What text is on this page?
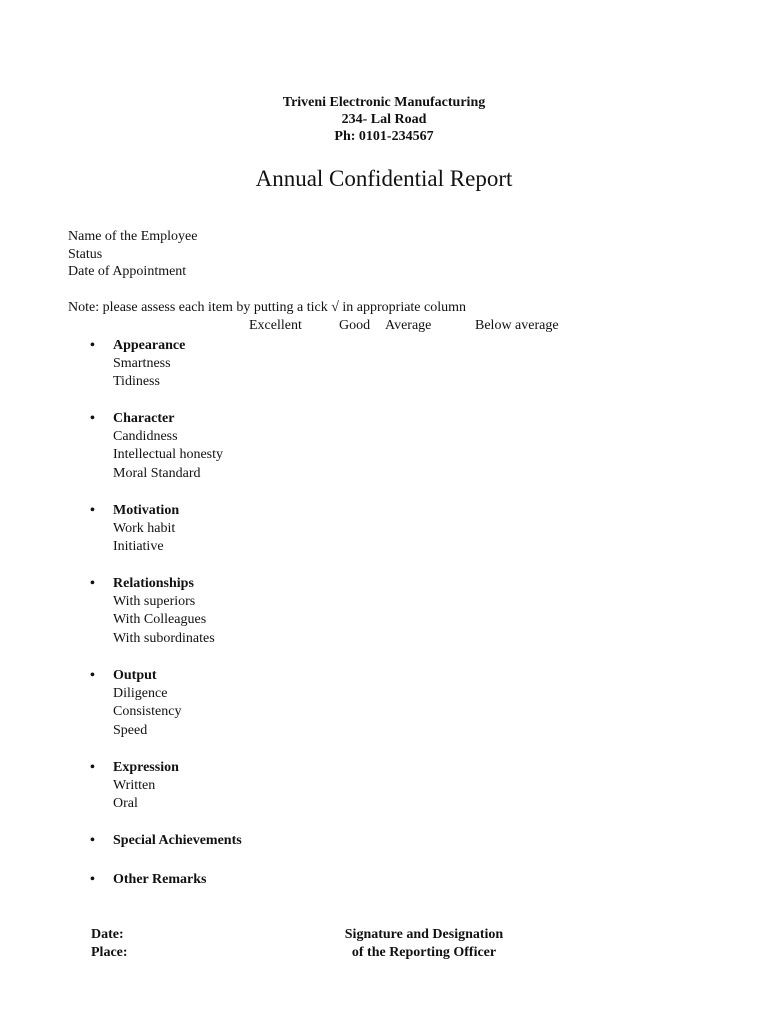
Triveni Electronic Manufacturing
234- Lal Road
Ph: 0101-234567
Annual Confidential Report
Name of the Employee
Status
Date of Appointment
Note: please assess each item by putting a tick √ in appropriate column
Excellent	Good Average	Below average
• Appearance
Smartness
Tidiness
• Character
Candidness
Intellectual honesty
Moral Standard
• Motivation
Work habit
Initiative
• Relationships
With superiors
With Colleagues
With subordinates
• Output
Diligence
Consistency
Speed
• Expression
Written
Oral
• Special Achievements
• Other Remarks
Date:
Place:
Signature and Designation
of the Reporting Officer
